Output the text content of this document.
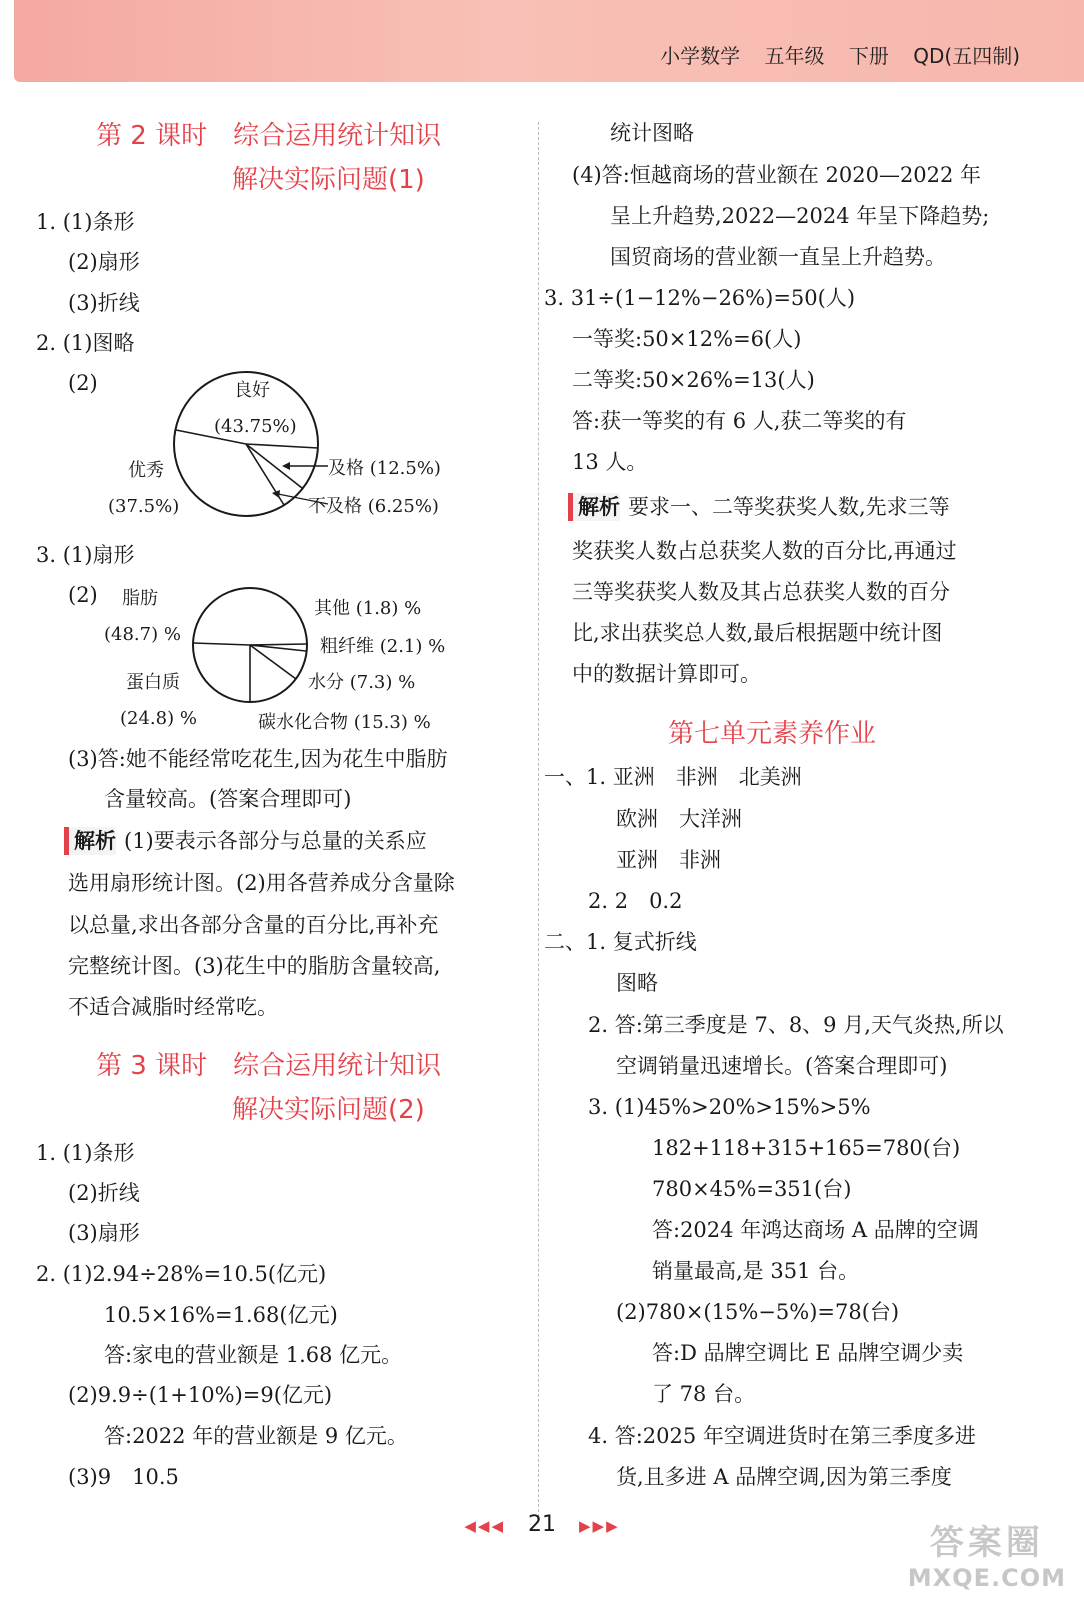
小学数学 五年级 下册 QD(五四制)
第 2 课时　综合运用统计知识
解决实际问题(1)
1. (1)条形
(2)扇形
(3)折线
2. (1)图略
(2)	良好
(43.75%)
优秀
(37.5%)
及格 (12.5%)
不及格 (6.25%)
3. (1)扇形
(2) 脂肪
(48.7) %
其他 (1.8) %
粗纤维 (2.1) %
蛋白质	水分 (7.3) %
(24.8) %	碳水化合物 (15.3) %
(3)答:她不能经常吃花生,因为花生中脂肪
含量较高。(答案合理即可)
解析 (1)要表示各部分与总量的关系应
选用扇形统计图。(2)用各营养成分含量除
以总量,求出各部分含量的百分比,再补充
完整统计图。(3)花生中的脂肪含量较高,
不适合减脂时经常吃。
第 3 课时　综合运用统计知识
解决实际问题(2)
1. (1)条形
(2)折线
(3)扇形
2. (1)2.94÷28%=10.5(亿元)
10.5×16%=1.68(亿元)
答:家电的营业额是 1.68 亿元。
(2)9.9÷(1+10%)=9(亿元)
答:2022 年的营业额是 9 亿元。
(3)9　10.5
统计图略
(4)答:恒越商场的营业额在 2020—2022 年
呈上升趋势,2022—2024 年呈下降趋势;
国贸商场的营业额一直呈上升趋势。
3. 31÷(1−12%−26%)=50(人)
一等奖:50×12%=6(人)
二等奖:50×26%=13(人)
答:获一等奖的有 6 人,获二等奖的有
13 人。
解析 要求一、二等奖获奖人数,先求三等
奖获奖人数占总获奖人数的百分比,再通过
三等奖获奖人数及其占总获奖人数的百分
比,求出获奖总人数,最后根据题中统计图
中的数据计算即可。
第七单元素养作业
一、1. 亚洲　非洲　北美洲
欧洲　大洋洲
亚洲　非洲
2. 2　0.2
二、1. 复式折线
图略
2. 答:第三季度是 7、8、9 月,天气炎热,所以
空调销量迅速增长。(答案合理即可)
3. (1)45%>20%>15%>5%
182+118+315+165=780(台)
780×45%=351(台)
答:2024 年鸿达商场 A 品牌的空调
销量最高,是 351 台。
(2)780×(15%−5%)=78(台)
答:D 品牌空调比 E 品牌空调少卖
了 78 台。
4. 答:2025 年空调进货时在第三季度多进
货,且多进 A 品牌空调,因为第三季度
◀◀◀ 21 ▶▶▶	答案圈
MXQE.COM
